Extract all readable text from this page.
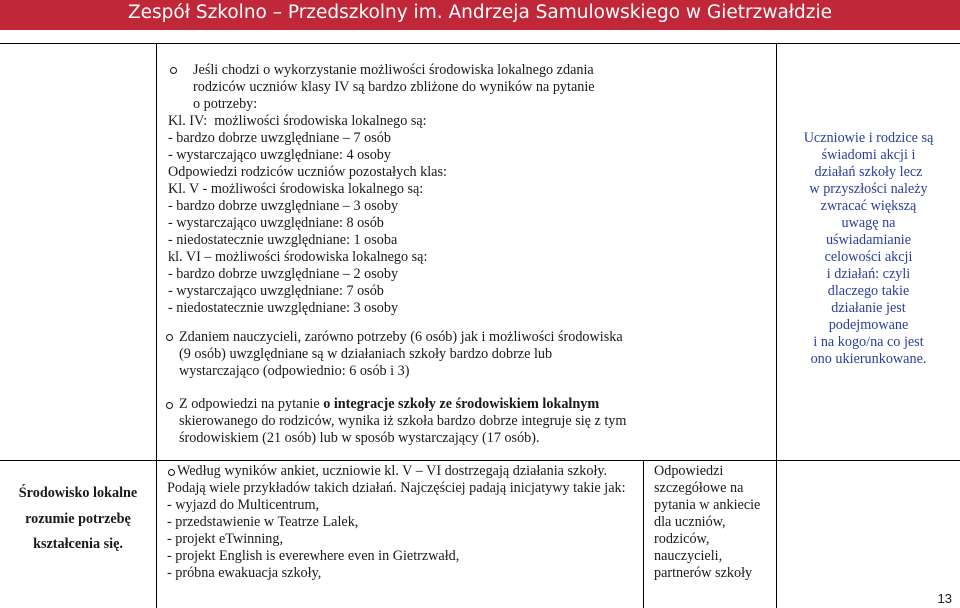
Zespół Szkolno – Przedszkolny im. Andrzeja Samulowskiego w Gietrzwałdzie
Jeśli chodzi o wykorzystanie możliwości środowiska lokalnego zdania
rodziców uczniów klasy IV są bardzo zbliżone do wyników na pytanie
o potrzeby:
Kl. IV:  możliwości środowiska lokalnego są:
- bardzo dobrze uwzględniane – 7 osób
- wystarczająco uwzględniane: 4 osoby
Odpowiedzi rodziców uczniów pozostałych klas:
Kl. V - możliwości środowiska lokalnego są:
- bardzo dobrze uwzględniane – 3 osoby
- wystarczająco uwzględniane: 8 osób
- niedostatecznie uwzględniane: 1 osoba
kl. VI – możliwości środowiska lokalnego są:
- bardzo dobrze uwzględniane – 2 osoby
- wystarczająco uwzględniane: 7 osób
- niedostatecznie uwzględniane: 3 osoby
Zdaniem nauczycieli, zarówno potrzeby (6 osób) jak i możliwości środowiska
(9 osób) uwzględniane są w działaniach szkoły bardzo dobrze lub
wystarczająco (odpowiednio: 6 osób i 3)
Z odpowiedzi na pytanie o integracje szkoły ze środowiskiem lokalnym
skierowanego do rodziców, wynika iż szkoła bardzo dobrze integruje się z tym
środowiskiem (21 osób) lub w sposób wystarczający (17 osób).
Uczniowie i rodzice są
świadomi akcji i
działań szkoły lecz
w przyszłości należy
zwracać większą
uwagę na
uświadamianie
celowości akcji
i działań: czyli
dlaczego takie
działanie jest
podejmowane
i na kogo/na co jest
ono ukierunkowane.
Środowisko lokalne
rozumie potrzebę
kształcenia się.
Według wyników ankiet, uczniowie kl. V – VI dostrzegają działania szkoły.
Podają wiele przykładów takich działań. Najczęściej padają inicjatywy takie jak:
- wyjazd do Multicentrum,
- przedstawienie w Teatrze Lalek,
- projekt eTwinning,
- projekt English is everewhere even in Gietrzwałd,
- próbna ewakuacja szkoły,
Odpowiedzi
szczegółowe na
pytania w ankiecie
dla uczniów,
rodziców,
nauczycieli,
partnerów szkoły
13
